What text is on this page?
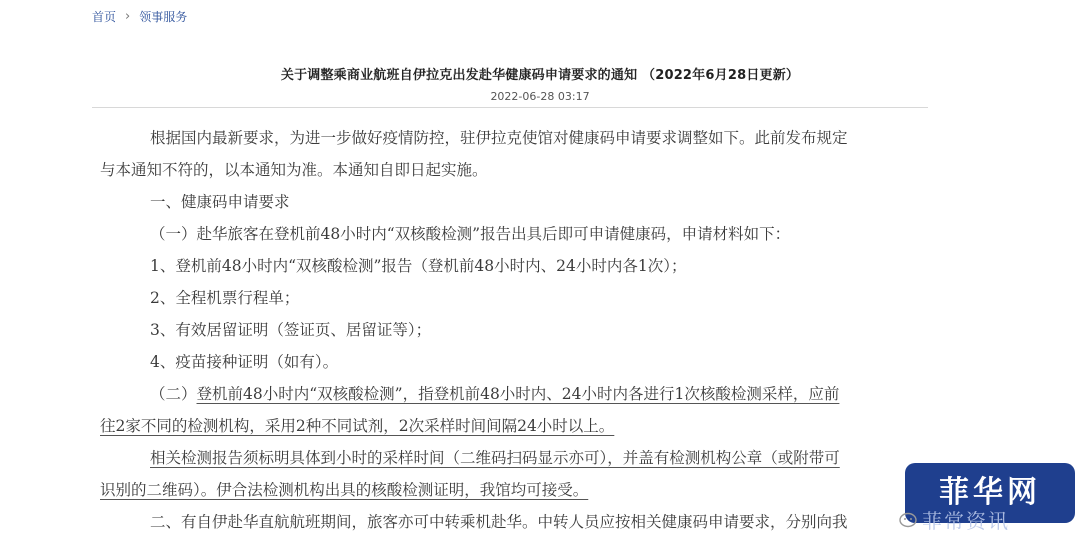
首页 › 领事服务
关于调整乘商业航班自伊拉克出发赴华健康码申请要求的通知 （2022年6月28日更新）
2022-06-28 03:17

根据国内最新要求，为进一步做好疫情防控，驻伊拉克使馆对健康码申请要求调整如下。此前发布规定

与本通知不符的，以本通知为准。本通知自即日起实施。

一、健康码申请要求

（一）赴华旅客在登机前48小时内“双核酸检测”报告出具后即可申请健康码，申请材料如下：

1、登机前48小时内“双核酸检测”报告（登机前48小时内、24小时内各1次）；

2、全程机票行程单；

3、有效居留证明（签证页、居留证等）；

4、疫苗接种证明（如有）。

（二）登机前48小时内“双核酸检测”，指登机前48小时内、24小时内各进行1次核酸检测采样，应前

往2家不同的检测机构，采用2种不同试剂，2次采样时间间隔24小时以上。

相关检测报告须标明具体到小时的采样时间（二维码扫码显示亦可），并盖有检测机构公章（或附带可

识别的二维码）。伊合法检测机构出具的核酸检测证明，我馆均可接受。

二、有自伊赴华直航航班期间，旅客亦可中转乘机赴华。中转人员应按相关健康码申请要求，分别向我

菲华网
菲常资讯
